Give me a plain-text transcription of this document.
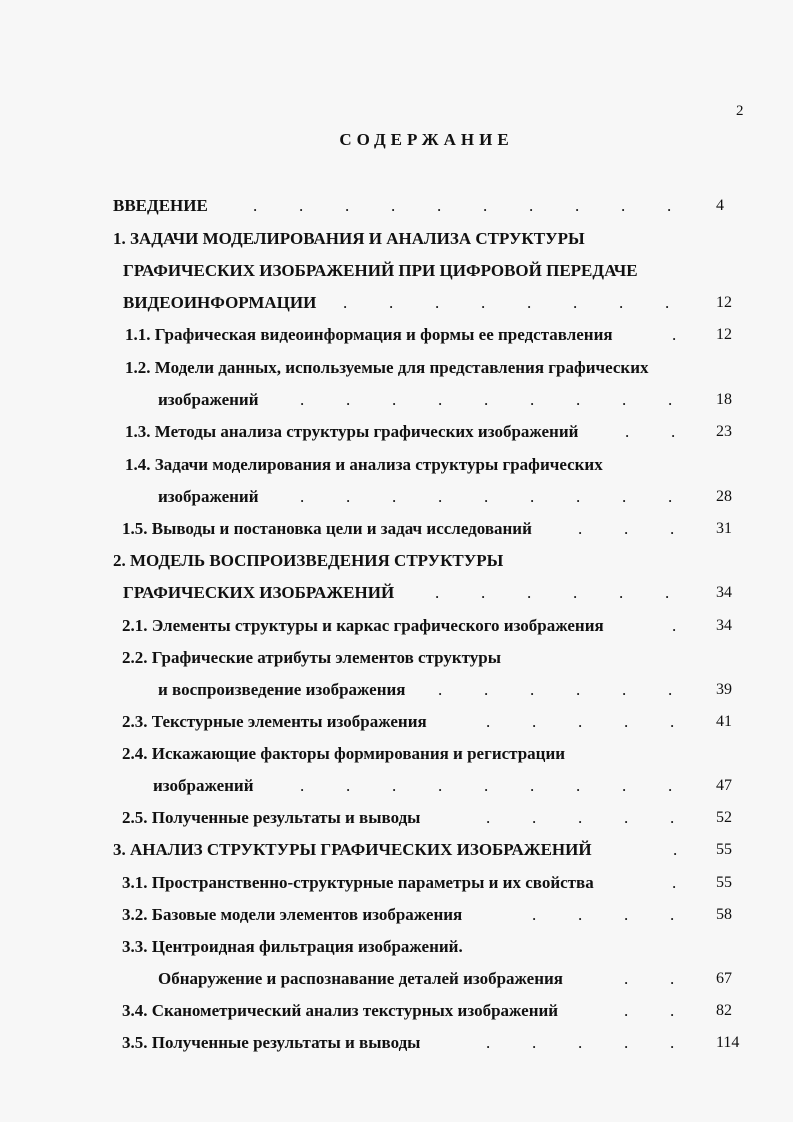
2
СОДЕРЖАНИЕ
ВВЕДЕНИЕ	. . . . . . . . . .	4
1. ЗАДАЧИ МОДЕЛИРОВАНИЯ И АНАЛИЗА СТРУКТУРЫ
ГРАФИЧЕСКИХ ИЗОБРАЖЕНИЙ ПРИ ЦИФРОВОЙ ПЕРЕДАЧЕ
ВИДЕОИНФОРМАЦИИ . . . . . . . .	12
1.1. Графическая видеоинформация и формы ее представления	. 12
1.2. Модели данных, используемые для представления графических
изображений . . . . . . . . .	18
1.3. Методы анализа структуры графических изображений	. .	23
1.4. Задачи моделирования и анализа структуры графических
изображений . . . . . . . . .	28
1.5. Выводы и постановка цели и задач исследований	. . .	31
2. МОДЕЛЬ ВОСПРОИЗВЕДЕНИЯ СТРУКТУРЫ
ГРАФИЧЕСКИХ ИЗОБРАЖЕНИЙ . . . . . .	34
2.1. Элементы структуры и каркас графического изображения	. 34
2.2. Графические атрибуты элементов структуры
и воспроизведение изображения . . . . . .	39
2.3. Текстурные элементы изображения	. . . . .	41
2.4. Искажающие факторы формирования и регистрации
изображений	. . . . . . . . .	47
2.5. Полученные результаты и выводы	. . . . .	52
3. АНАЛИЗ СТРУКТУРЫ ГРАФИЧЕСКИХ ИЗОБРАЖЕНИЙ	. 55
3.1. Пространственно-структурные параметры и их свойства	. 55
3.2. Базовые модели элементов изображения	. . . .	58
3.3. Центроидная фильтрация изображений.
Обнаружение и распознавание деталей изображения	. .	67
3.4. Сканометрический анализ текстурных изображений	. .	82
3.5. Полученные результаты и выводы	. . . . .	114
